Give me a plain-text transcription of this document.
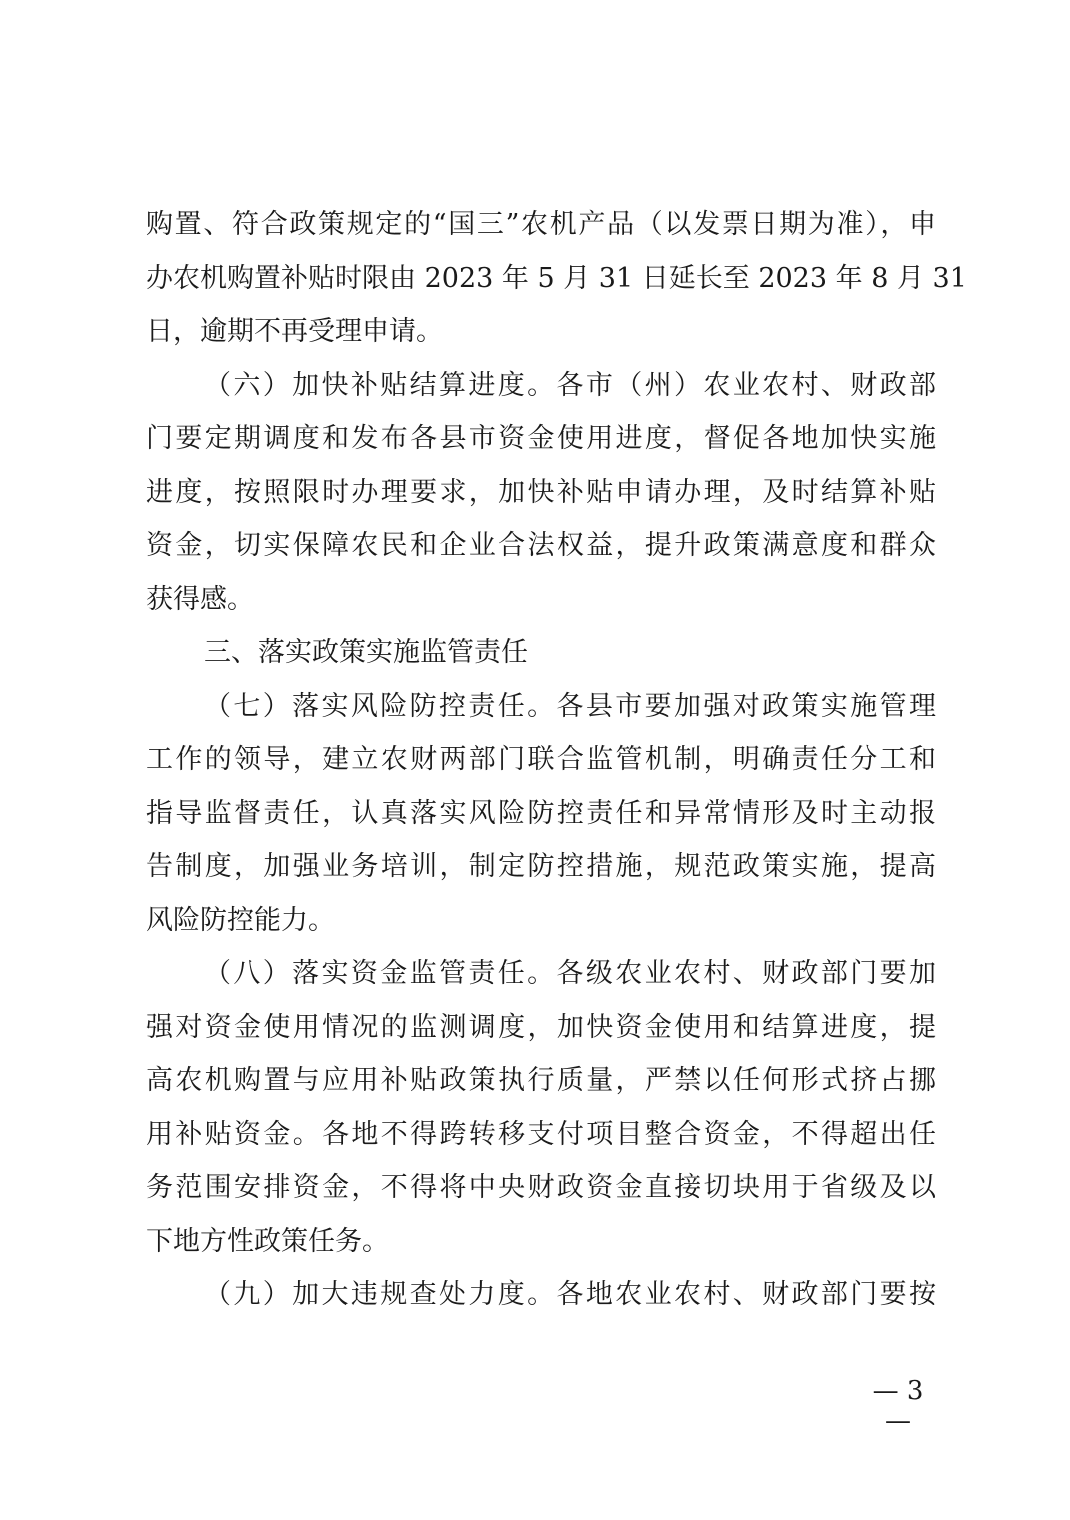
购置、符合政策规定的“国三”农机产品（以发票日期为准），申
办农机购置补贴时限由 2023 年 5 月 31 日延长至 2023 年 8 月 31
日，逾期不再受理申请。
（六）加快补贴结算进度。各市（州）农业农村、财政部
门要定期调度和发布各县市资金使用进度，督促各地加快实施
进度，按照限时办理要求，加快补贴申请办理，及时结算补贴
资金，切实保障农民和企业合法权益，提升政策满意度和群众
获得感。
三、落实政策实施监管责任
（七）落实风险防控责任。各县市要加强对政策实施管理
工作的领导，建立农财两部门联合监管机制，明确责任分工和
指导监督责任，认真落实风险防控责任和异常情形及时主动报
告制度，加强业务培训，制定防控措施，规范政策实施，提高
风险防控能力。
（八）落实资金监管责任。各级农业农村、财政部门要加
强对资金使用情况的监测调度，加快资金使用和结算进度，提
高农机购置与应用补贴政策执行质量，严禁以任何形式挤占挪
用补贴资金。各地不得跨转移支付项目整合资金，不得超出任
务范围安排资金，不得将中央财政资金直接切块用于省级及以
下地方性政策任务。
（九）加大违规查处力度。各地农业农村、财政部门要按
— 3 —
